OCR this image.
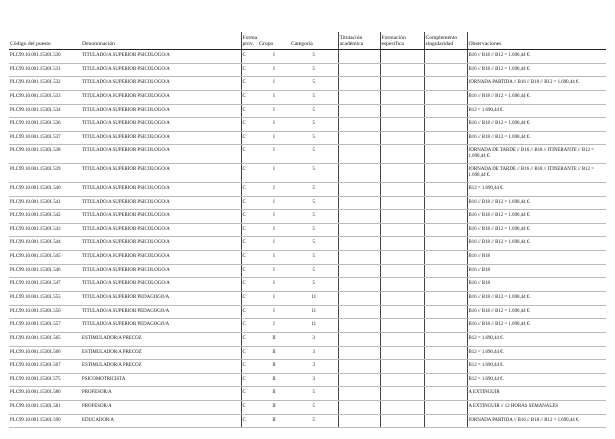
Código del puesto	Denominación	Forma prov.	Grupo	Categoría	Titulación académica	Formación específica	Complemento singularidad	Observaciones
PLC99.10.001.15301.530	TITULADO/A SUPERIOR PSICOLOGO/A	C	I	5				B16 // B18 // B12 = 1.690,44 €.
PLC99.10.001.15301.531	TITULADO/A SUPERIOR PSICOLOGO/A	C	I	5				B16 // B18 // B12 = 1.690,44 €.
PLC99.10.001.15301.532	TITULADO/A SUPERIOR PSICOLOGO/A	C	I	5				JORNADA PARTIDA // B16 // B18 // B12 = 1.690,44 €.
PLC99.10.001.15301.533	TITULADO/A SUPERIOR PSICOLOGO/A	C	I	5				B16 // B18 // B12 = 1.690,44 €.
PLC99.10.001.15301.534	TITULADO/A SUPERIOR PSICOLOGO/A	C	I	5				B12 = 1.690,44 €.
PLC99.10.001.15301.536	TITULADO/A SUPERIOR PSICOLOGO/A	C	I	5				B16 // B18 // B12 = 1.690,44 €.
PLC99.10.001.15301.537	TITULADO/A SUPERIOR PSICOLOGO/A	C	I	5				B16 // B18 // B12 = 1.690,44 €.
PLC99.10.001.15301.538	TITULADO/A SUPERIOR PSICOLOGO/A	C	I	5				JORNADA DE TARDE // B16 // B18 // ITINERANTE // B12 = 1.690,44 €.
PLC99.10.001.15301.539	TITULADO/A SUPERIOR PSICOLOGO/A	C	I	5				JORNADA DE TARDE // B16 // B18 // ITINERANTE // B12 = 1.690,44 €.
PLC99.10.001.15301.540	TITULADO/A SUPERIOR PSICOLOGO/A	C	I	5				B12 = 1.690,44 €.
PLC99.10.001.15301.541	TITULADO/A SUPERIOR PSICOLOGO/A	C	I	5				B16 // B18 // B12 = 1.690,44 €.
PLC99.10.001.15301.542	TITULADO/A SUPERIOR PSICOLOGO/A	C	I	5				B16 // B18 // B12 = 1.690,44 €.
PLC99.10.001.15301.543	TITULADO/A SUPERIOR PSICOLOGO/A	C	I	5				B16 // B18 // B12 = 1.690,44 €.
PLC99.10.001.15301.544	TITULADO/A SUPERIOR PSICOLOGO/A	C	I	5				B16 // B18 // B12 = 1.690,44 €.
PLC99.10.001.15301.545	TITULADO/A SUPERIOR PSICOLOGO/A	C	I	5				B16 // B18
PLC99.10.001.15301.546	TITULADO/A SUPERIOR PSICOLOGO/A	C	I	5				B16 // B18
PLC99.10.001.15301.547	TITULADO/A SUPERIOR PSICOLOGO/A	C	I	5				B16 // B18
PLC99.10.001.15301.555	TITULADO/A SUPERIOR PEDAGOGO/A	C	I	11				B16 // B18 // B12 = 1.690,44 €.
PLC99.10.001.15301.556	TITULADO/A SUPERIOR PEDAGOGO/A	C	I	11				B16 // B18 // B12 = 1.690,44 €.
PLC99.10.001.15301.557	TITULADO/A SUPERIOR PEDAGOGO/A	C	I	11				B16 // B18 // B12 = 1.690,44 €.
PLC99.10.001.15301.565	ESTIMULADOR/A PRECOZ	C	II	3				B12 = 1.690,44 €.
PLC99.10.001.15301.566	ESTIMULADOR/A PRECOZ	C	II	3				B12 = 1.690,44 €.
PLC99.10.001.15301.567	ESTIMULADOR/A PRECOZ	C	II	3				B12 = 1.690,44 €.
PLC99.10.001.15301.575	PSICOMOTRICISTA	C	II	3				B12 = 1.690,44 €.
PLC99.10.001.15301.580	PROFESOR/A	C	II	5				A EXTINGUIR
PLC99.10.001.15301.581	PROFESOR/A	C	II	5				A EXTINGUIR // 12 HORAS SEMANALES
PLC99.10.001.15301.590	EDUCADOR/A	C	II	5				JORNADA PARTIDA // B16 // B18 // B12 = 1.690,44 €.
